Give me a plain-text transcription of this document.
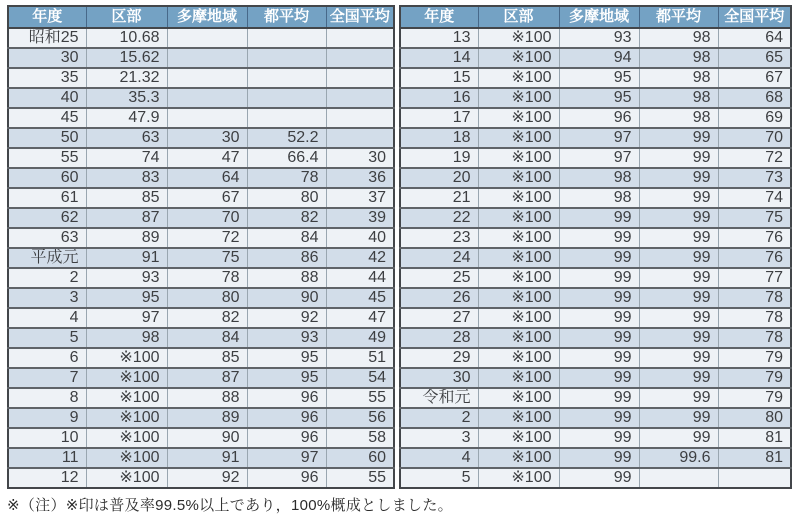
年度	区部	多摩地域	都平均	全国平均
昭和25	10.68			
30	15.62			
35	21.32			
40	35.3			
45	47.9			
50	63	30	52.2	
55	74	47	66.4	30
60	83	64	78	36
61	85	67	80	37
62	87	70	82	39
63	89	72	84	40
平成元	91	75	86	42
2	93	78	88	44
3	95	80	90	45
4	97	82	92	47
5	98	84	93	49
6	※100	85	95	51
7	※100	87	95	54
8	※100	88	96	55
9	※100	89	96	56
10	※100	90	96	58
11	※100	91	97	60
12	※100	92	96	55
年度	区部	多摩地域	都平均	全国平均
13	※100	93	98	64
14	※100	94	98	65
15	※100	95	98	67
16	※100	95	98	68
17	※100	96	98	69
18	※100	97	99	70
19	※100	97	99	72
20	※100	98	99	73
21	※100	98	99	74
22	※100	99	99	75
23	※100	99	99	76
24	※100	99	99	76
25	※100	99	99	77
26	※100	99	99	78
27	※100	99	99	78
28	※100	99	99	78
29	※100	99	99	79
30	※100	99	99	79
令和元	※100	99	99	79
2	※100	99	99	80
3	※100	99	99	81
4	※100	99	99.6	81
5	※100	99		
※（注）※印は普及率99.5%以上であり，100%概成としました。
